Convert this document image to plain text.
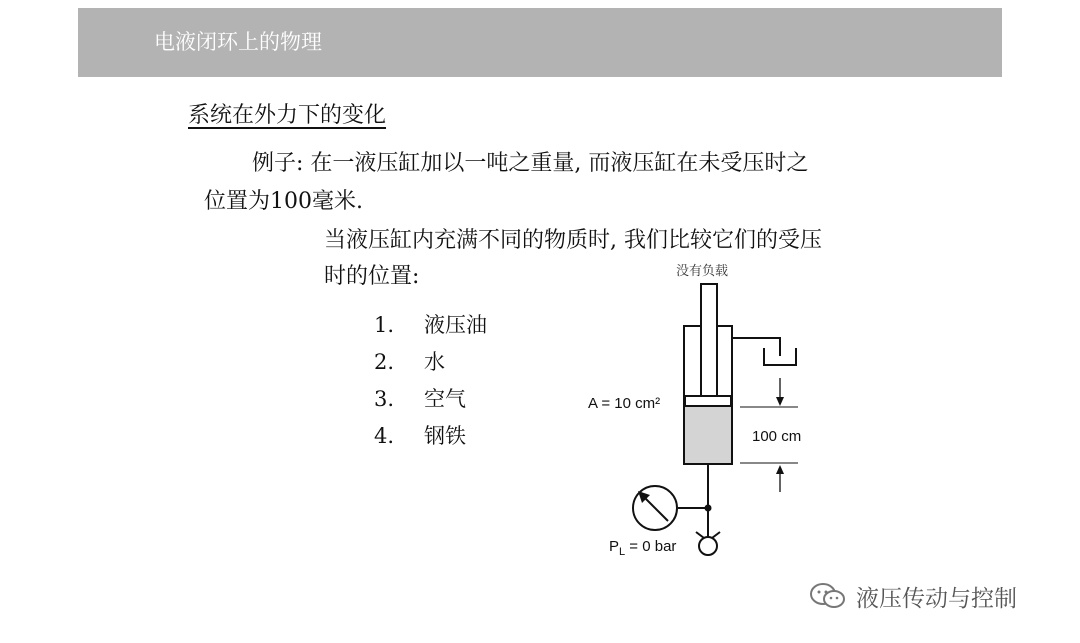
电液闭环上的物理
系统在外力下的变化
例子: 在一液压缸加以一吨之重量, 而液压缸在未受压时之
位置为100毫米.
当液压缸内充满不同的物质时, 我们比较它们的受压
时的位置:
1. 液压油
2. 水
3. 空气
4. 钢铁
没有负载
A = 10 cm²
100 cm
$P_L = 0$ bar
液压传动与控制
